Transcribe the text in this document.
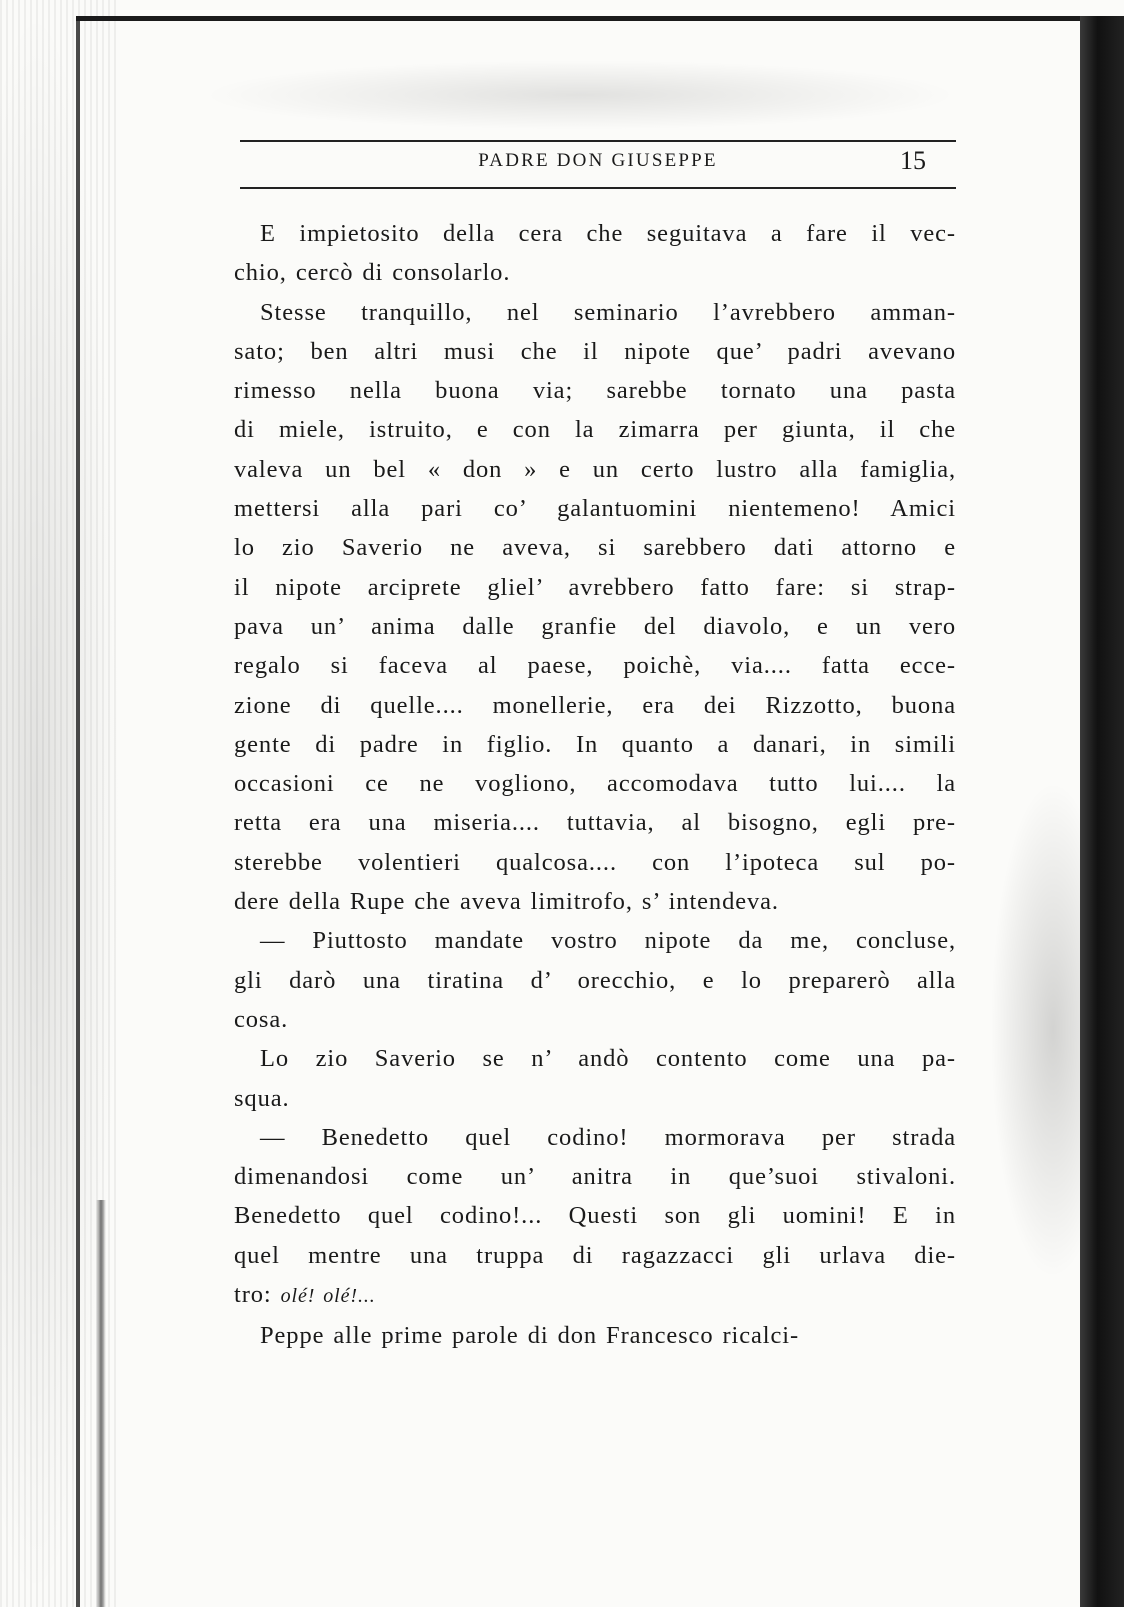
PADRE DON GIUSEPPE	15
E impietosito della cera che seguitava a fare il vec-
chio, cercò di consolarlo.
Stesse tranquillo, nel seminario l’avrebbero amman-
sato; ben altri musi che il nipote que’ padri avevano
rimesso nella buona via; sarebbe tornato una pasta
di miele, istruito, e con la zimarra per giunta, il che
valeva un bel « don » e un certo lustro alla famiglia,
mettersi alla pari co’ galantuomini nientemeno! Amici
lo zio Saverio ne aveva, si sarebbero dati attorno e
il nipote arciprete gliel’ avrebbero fatto fare: si strap-
pava un’ anima dalle granfie del diavolo, e un vero
regalo si faceva al paese, poichè, via.... fatta ecce-
zione di quelle.... monellerie, era dei Rizzotto, buona
gente di padre in figlio. In quanto a danari, in simili
occasioni ce ne vogliono, accomodava tutto lui.... la
retta era una miseria.... tuttavia, al bisogno, egli pre-
sterebbe volentieri qualcosa.... con l’ipoteca sul po-
dere della Rupe che aveva limitrofo, s’ intendeva.
— Piuttosto mandate vostro nipote da me, concluse,
gli darò una tiratina d’ orecchio, e lo preparerò alla
cosa.
Lo zio Saverio se n’ andò contento come una pa-
squa.
— Benedetto quel codino! mormorava per strada
dimenandosi come un’ anitra in que’suoi stivaloni.
Benedetto quel codino!... Questi son gli uomini! E in
quel mentre una truppa di ragazzacci gli urlava die-
tro: olé! olé!...
Peppe alle prime parole di don Francesco ricalci-
